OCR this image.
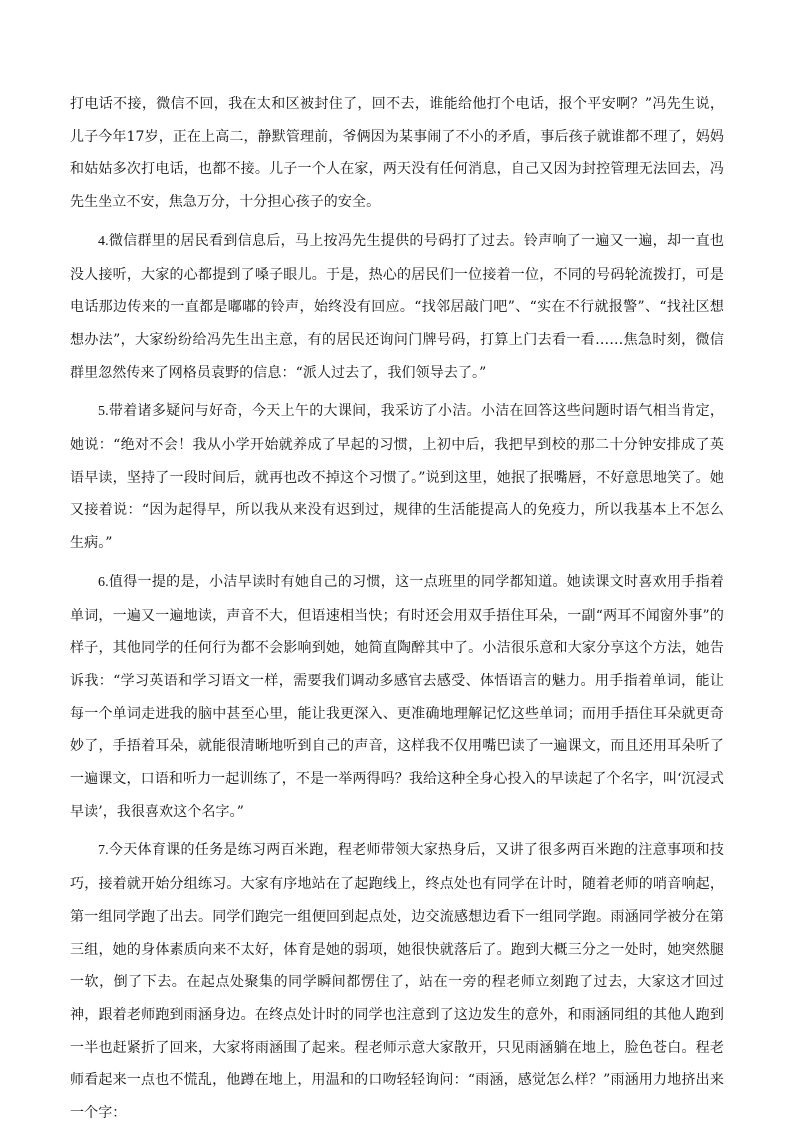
打电话不接，微信不回，我在太和区被封住了，回不去，谁能给他打个电话，报个平安啊？”冯先生说，儿子今年17岁，正在上高二，静默管理前，爷俩因为某事闹了不小的矛盾，事后孩子就谁都不理了，妈妈和姑姑多次打电话，也都不接。儿子一个人在家，两天没有任何消息，自己又因为封控管理无法回去，冯先生坐立不安，焦急万分，十分担心孩子的安全。

4.微信群里的居民看到信息后，马上按冯先生提供的号码打了过去。铃声响了一遍又一遍，却一直也没人接听，大家的心都提到了嗓子眼儿。于是，热心的居民们一位接着一位，不同的号码轮流拨打，可是电话那边传来的一直都是嘟嘟的铃声，始终没有回应。“找邻居敲门吧”、“实在不行就报警”、“找社区想想办法”，大家纷纷给冯先生出主意，有的居民还询问门牌号码，打算上门去看一看……焦急时刻，微信群里忽然传来了网格员袁野的信息：“派人过去了，我们领导去了。”

5.带着诸多疑问与好奇，今天上午的大课间，我采访了小洁。小洁在回答这些问题时语气相当肯定，她说：“绝对不会！我从小学开始就养成了早起的习惯，上初中后，我把早到校的那二十分钟安排成了英语早读，坚持了一段时间后，就再也改不掉这个习惯了。”说到这里，她抿了抿嘴唇，不好意思地笑了。她又接着说：“因为起得早，所以我从来没有迟到过，规律的生活能提高人的免疫力，所以我基本上不怎么生病。”

6.值得一提的是，小洁早读时有她自己的习惯，这一点班里的同学都知道。她读课文时喜欢用手指着单词，一遍又一遍地读，声音不大，但语速相当快；有时还会用双手捂住耳朵，一副“两耳不闻窗外事”的样子，其他同学的任何行为都不会影响到她，她简直陶醉其中了。小洁很乐意和大家分享这个方法，她告诉我：“学习英语和学习语文一样，需要我们调动多感官去感受、体悟语言的魅力。用手指着单词，能让每一个单词走进我的脑中甚至心里，能让我更深入、更准确地理解记忆这些单词；而用手捂住耳朵就更奇妙了，手捂着耳朵，就能很清晰地听到自己的声音，这样我不仅用嘴巴读了一遍课文，而且还用耳朵听了一遍课文，口语和听力一起训练了，不是一举两得吗？我给这种全身心投入的早读起了个名字，叫‘沉浸式早读’，我很喜欢这个名字。”

7.今天体育课的任务是练习两百米跑，程老师带领大家热身后，又讲了很多两百米跑的注意事项和技巧，接着就开始分组练习。大家有序地站在了起跑线上，终点处也有同学在计时，随着老师的哨音响起，第一组同学跑了出去。同学们跑完一组便回到起点处，边交流感想边看下一组同学跑。雨涵同学被分在第三组，她的身体素质向来不太好，体育是她的弱项，她很快就落后了。跑到大概三分之一处时，她突然腿一软，倒了下去。在起点处聚集的同学瞬间都愣住了，站在一旁的程老师立刻跑了过去，大家这才回过神，跟着老师跑到雨涵身边。在终点处计时的同学也注意到了这边发生的意外，和雨涵同组的其他人跑到一半也赶紧折了回来，大家将雨涵围了起来。程老师示意大家散开，只见雨涵躺在地上，脸色苍白。程老师看起来一点也不慌乱，他蹲在地上，用温和的口吻轻轻询问：“雨涵，感觉怎么样？”雨涵用力地挤出来一个字：
